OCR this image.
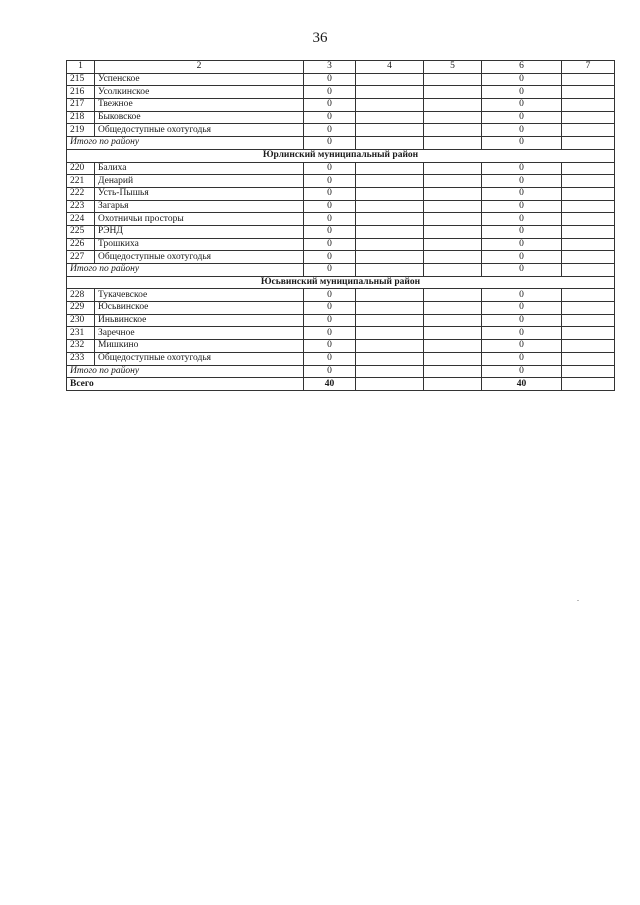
36
1	2	3	4	5	6	7
215	Успенское	0			0	
216	Усолкинское	0			0	
217	Твежное	0			0	
218	Быковское	0			0	
219	Общедоступные охотугодья	0			0	
Итого по району		0			0	
Юрлинский муниципальный район						
220	Балиха	0			0	
221	Денарий	0			0	
222	Усть-Пышья	0			0	
223	Загарья	0			0	
224	Охотничьи просторы	0			0	
225	РЭНД	0			0	
226	Трошкиха	0			0	
227	Общедоступные охотугодья	0			0	
Итого по району		0			0	
Юсьвинский муниципальный район						
228	Тукачевское	0			0	
229	Юсьвинское	0			0	
230	Иньвинское	0			0	
231	Заречное	0			0	
232	Мишкино	0			0	
233	Общедоступные охотугодья	0			0	
Итого по району		0			0	
Всего		40			40	
